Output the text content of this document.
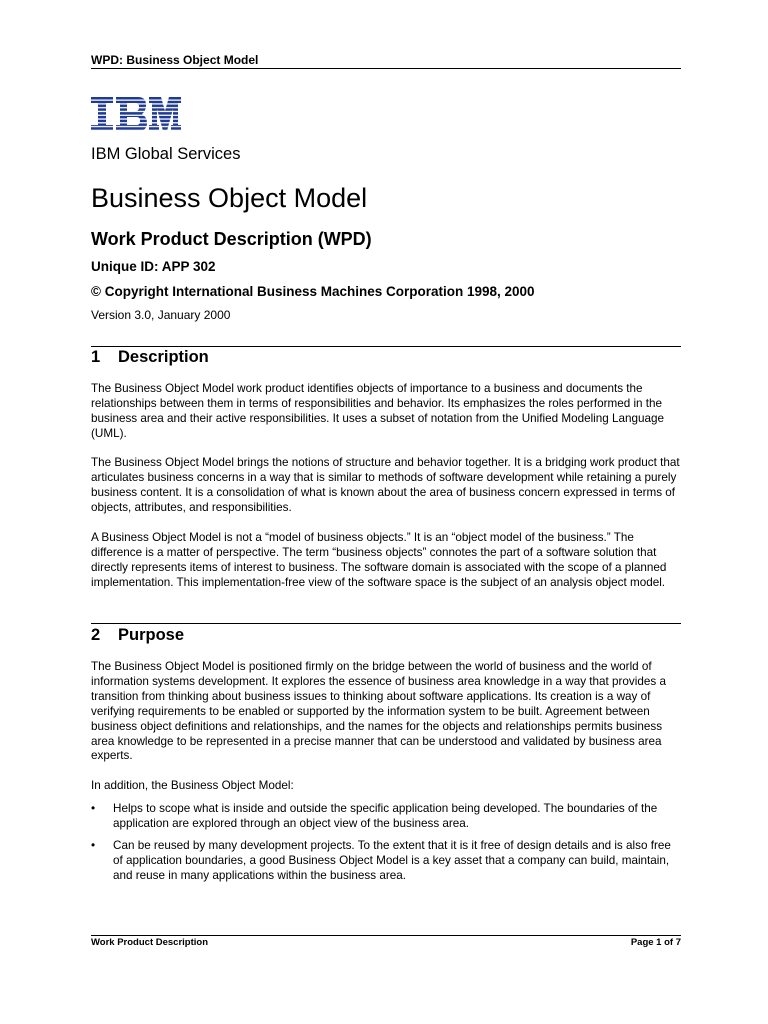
WPD: Business Object Model
IBM Global Services
Business Object Model
Work Product Description (WPD)
Unique ID: APP 302
© Copyright International Business Machines Corporation 1998, 2000
Version 3.0, January 2000
1 Description

The Business Object Model work product identifies objects of importance to a business and documents the relationships between them in terms of responsibilities and behavior. Its emphasizes the roles performed in the business area and their active responsibilities. It uses a subset of notation from the Unified Modeling Language (UML).

The Business Object Model brings the notions of structure and behavior together. It is a bridging work product that articulates business concerns in a way that is similar to methods of software development while retaining a purely business content. It is a consolidation of what is known about the area of business concern expressed in terms of objects, attributes, and responsibilities.

A Business Object Model is not a “model of business objects.” It is an “object model of the business.” The difference is a matter of perspective. The term “business objects” connotes the part of a software solution that directly represents items of interest to business. The software domain is associated with the scope of a planned implementation. This implementation-free view of the software space is the subject of an analysis object model.

2 Purpose

The Business Object Model is positioned firmly on the bridge between the world of business and the world of information systems development. It explores the essence of business area knowledge in a way that provides a transition from thinking about business issues to thinking about software applications. Its creation is a way of verifying requirements to be enabled or supported by the information system to be built. Agreement between business object definitions and relationships, and the names for the objects and relationships permits business area knowledge to be represented in a precise manner that can be understood and validated by business area experts.

In addition, the Business Object Model:

• Helps to scope what is inside and outside the specific application being developed. The boundaries of the application are explored through an object view of the business area.
• Can be reused by many development projects. To the extent that it is it free of design details and is also free of application boundaries, a good Business Object Model is a key asset that a company can build, maintain, and reuse in many applications within the business area.
Work Product Description	Page 1 of 7
